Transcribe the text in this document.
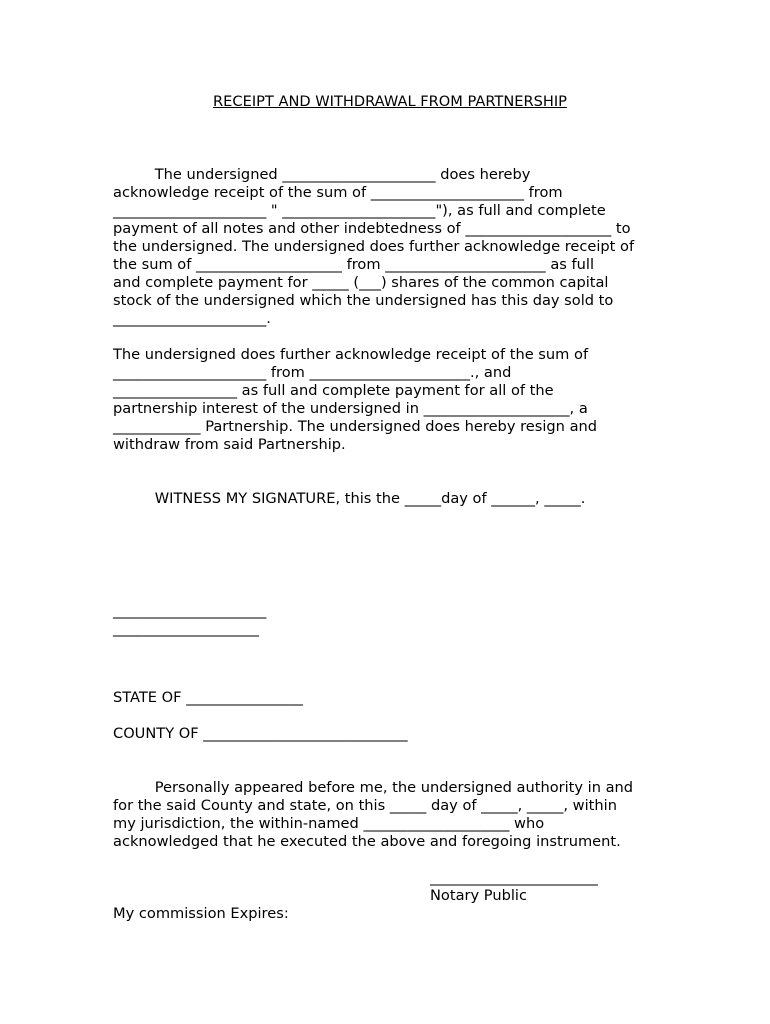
RECEIPT AND WITHDRAWAL FROM PARTNERSHIP
The undersigned _____________________ does hereby
acknowledge receipt of the sum of _____________________ from
_____________________ " _____________________"), as full and complete
payment of all notes and other indebtedness of ____________________ to
the undersigned. The undersigned does further acknowledge receipt of
the sum of ____________________ from ______________________ as full
and complete payment for _____ (___) shares of the common capital
stock of the undersigned which the undersigned has this day sold to
_____________________.
The undersigned does further acknowledge receipt of the sum of
_____________________ from ______________________., and
_________________ as full and complete payment for all of the
partnership interest of the undersigned in ____________________, a
____________ Partnership. The undersigned does hereby resign and
withdraw from said Partnership.
WITNESS MY SIGNATURE, this the _____day of ______, _____.
_____________________
____________________
STATE OF ________________
COUNTY OF ____________________________
Personally appeared before me, the undersigned authority in and
for the said County and state, on this _____ day of _____, _____, within
my jurisdiction, the within-named ____________________ who
acknowledged that he executed the above and foregoing instrument.
_______________________
Notary Public
My commission Expires:
